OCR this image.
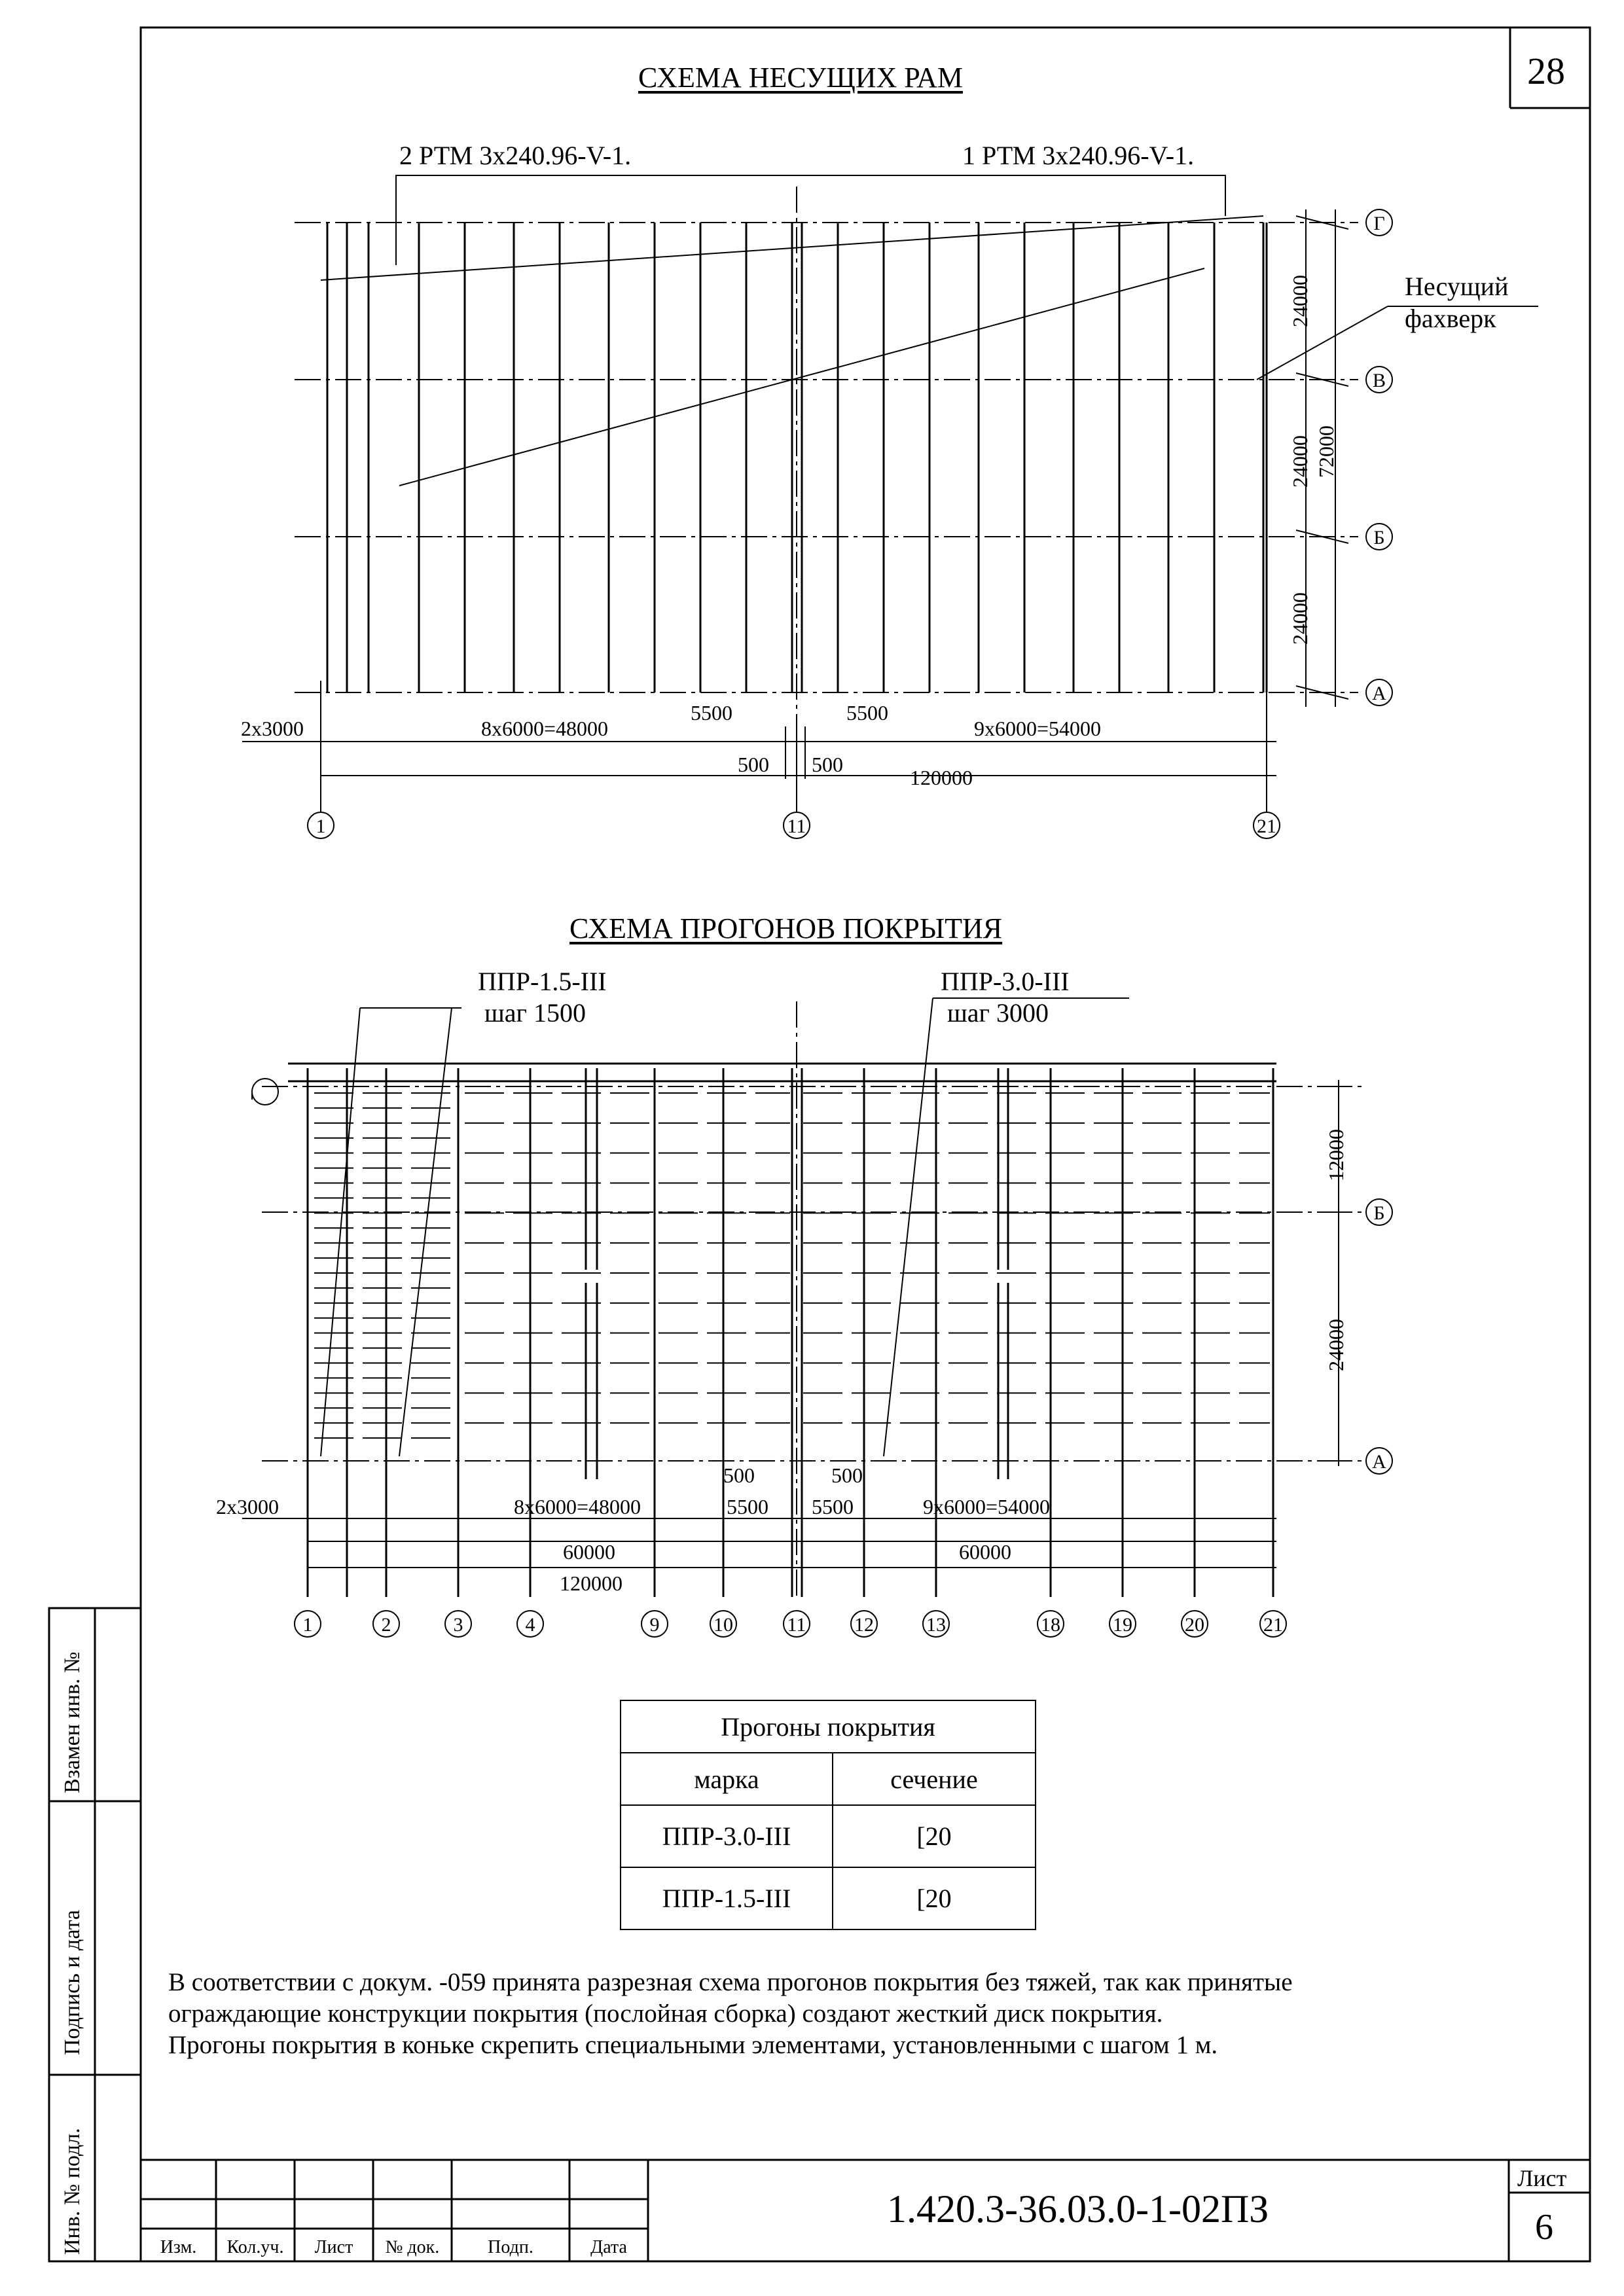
28
СХЕМА НЕСУЩИХ РАМ
2 РТМ 3х240.96-V-1.	1 РТМ 3х240.96-V-1.
Несущий
фахверк
Г
В
Б
А
1	11	21
24000
24000 72000
24000
2х3000	8х6000=48000
5500	5500
9х6000=54000
500 500
120000
СХЕМА ПРОГОНОВ ПОКРЫТИЯ
ППР-1.5-III
шаг 1500
ППР-3.0-III
шаг 3000
Б
А
12000
24000
2х3000	8х6000=48000
500	500
5500 5500	9х6000=54000
60000	60000
120000
1	2	3	4	9	10	11 12	13	18	19	20	21
Прогоны покрытия	
марка	сечение
ППР-3.0-III	[20
ППР-1.5-III	[20
В соответствии с докум. -059 принята разрезная схема прогонов покрытия без тяжей, так как принятые
ограждающие конструкции покрытия (послойная сборка) создают жесткий диск покрытия.
Прогоны покрытия в коньке скрепить специальными элементами, установленными с шагом 1 м.
Взамен инв. №
Подпись и дата
Инв. № подл.	Изм.	Кол.уч.	Лист	№ док.	Подп.	Дата
1.420.3-36.03.0-1-02ПЗ
Лист
6
